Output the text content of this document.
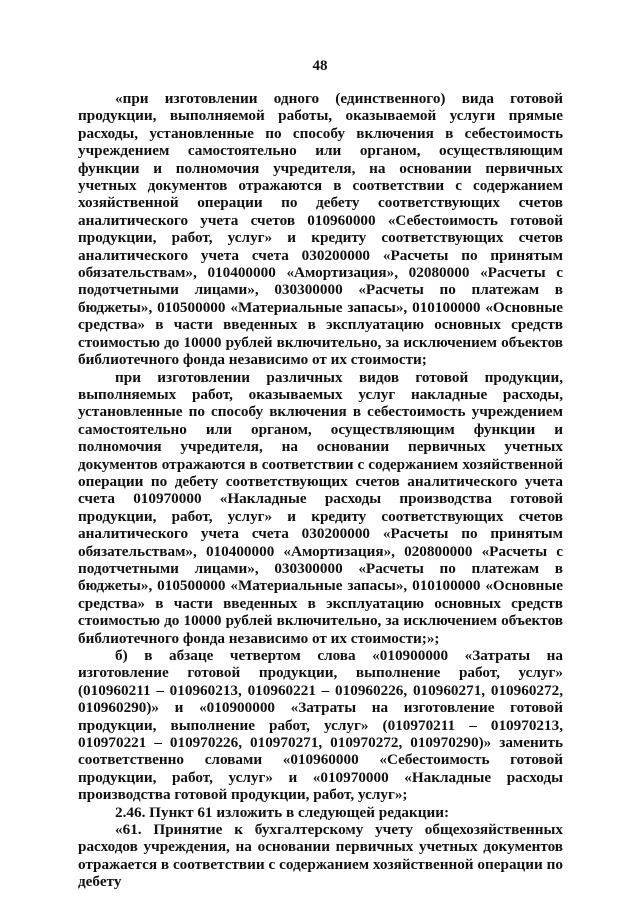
48

«при изготовлении одного (единственного) вида готовой продукции, выполняемой работы, оказываемой услуги прямые расходы, установленные по способу включения в себестоимость учреждением самостоятельно или органом, осуществляющим функции и полномочия учредителя, на основании первичных учетных документов отражаются в соответствии с содержанием хозяйственной операции по дебету соответствующих счетов аналитического учета счетов 010960000 «Себестоимость готовой продукции, работ, услуг» и кредиту соответствующих счетов аналитического учета счета 030200000 «Расчеты по принятым обязательствам», 010400000 «Амортизация», 02080000 «Расчеты с подотчетными лицами», 030300000 «Расчеты по платежам в бюджеты», 010500000 «Материальные запасы», 010100000 «Основные средства» в части введенных в эксплуатацию основных средств стоимостью до 10000 рублей включительно, за исключением объектов библиотечного фонда независимо от их стоимости;

при изготовлении различных видов готовой продукции, выполняемых работ, оказываемых услуг накладные расходы, установленные по способу включения в себестоимость учреждением самостоятельно или органом, осуществляющим функции и полномочия учредителя, на основании первичных учетных документов отражаются в соответствии с содержанием хозяйственной операции по дебету соответствующих счетов аналитического учета счета 010970000 «Накладные расходы производства готовой продукции, работ, услуг» и кредиту соответствующих счетов аналитического учета счета 030200000 «Расчеты по принятым обязательствам», 010400000 «Амортизация», 020800000 «Расчеты с подотчетными лицами», 030300000 «Расчеты по платежам в бюджеты», 010500000 «Материальные запасы», 010100000 «Основные средства» в части введенных в эксплуатацию основных средств стоимостью до 10000 рублей включительно, за исключением объектов библиотечного фонда независимо от их стоимости;»;

б) в абзаце четвертом слова «010900000 «Затраты на изготовление готовой продукции, выполнение работ, услуг» (010960211 – 010960213, 010960221 – 010960226, 010960271, 010960272, 010960290)» и «010900000 «Затраты на изготовление готовой продукции, выполнение работ, услуг» (010970211 – 010970213, 010970221 – 010970226, 010970271, 010970272, 010970290)» заменить соответственно словами «010960000 «Себестоимость готовой продукции, работ, услуг» и «010970000 «Накладные расходы производства готовой продукции, работ, услуг»;

2.46. Пункт 61 изложить в следующей редакции:

«61. Принятие к бухгалтерскому учету общехозяйственных расходов учреждения, на основании первичных учетных документов отражается в соответствии с содержанием хозяйственной операции по дебету
